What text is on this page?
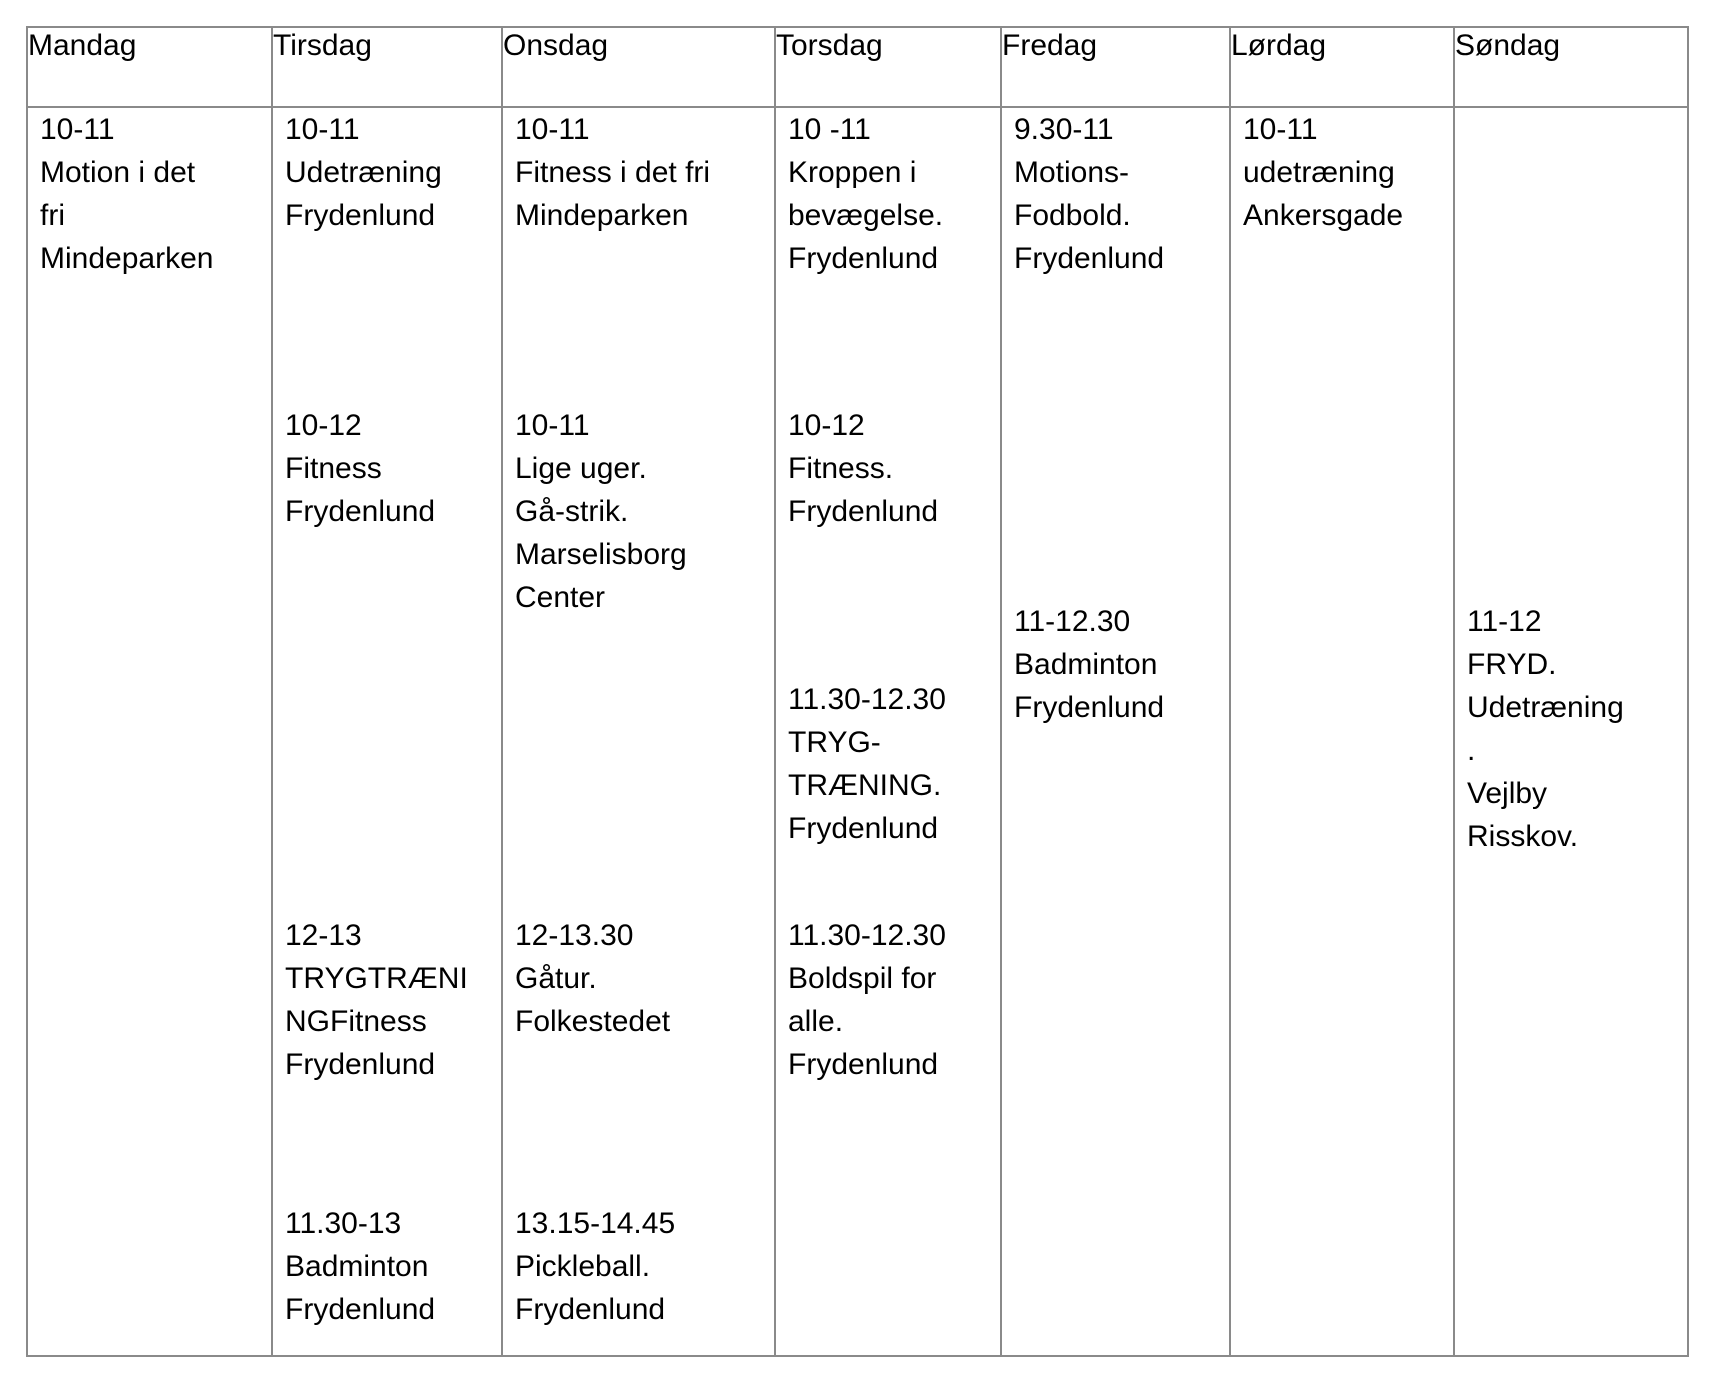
Mandag	Tirsdag	Onsdag	Torsdag	Fredag	Lørdag	Søndag

10-11
Motion i det
fri
Mindeparken

10-11
Udetræning
Frydenlund
10-12
Fitness
Frydenlund
12-13
TRYGTRÆNI
NGFitness
Frydenlund
11.30-13
Badminton
Frydenlund

10-11
Fitness i det fri
Mindeparken
10-11
Lige uger.
Gå-strik.
Marselisborg
Center
12-13.30
Gåtur.
Folkestedet
13.15-14.45
Pickleball.
Frydenlund

10 -11
Kroppen i
bevægelse.
Frydenlund
10-12
Fitness.
Frydenlund
11.30-12.30
TRYG-
TRÆNING.
Frydenlund
11.30-12.30
Boldspil for
alle.
Frydenlund

9.30-11
Motions-
Fodbold.
Frydenlund
11-12.30
Badminton
Frydenlund

10-11
udetræning
Ankersgade

11-12
FRYD.
Udetræning
.
Vejlby
Risskov.
